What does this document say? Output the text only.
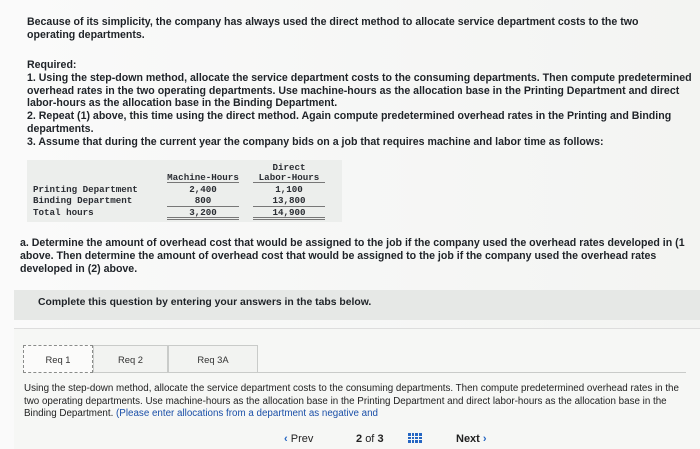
Because of its simplicity, the company has always used the direct method to allocate service department costs to the two operating departments.

Required:
1. Using the step-down method, allocate the service department costs to the consuming departments. Then compute predetermined overhead rates in the two operating departments. Use machine-hours as the allocation base in the Printing Department and direct labor-hours as the allocation base in the Binding Department.
2. Repeat (1) above, this time using the direct method. Again compute predetermined overhead rates in the Printing and Binding departments.
3. Assume that during the current year the company bids on a job that requires machine and labor time as follows:
Machine-Hours
Direct
Labor-Hours
Printing Department	2,400	1,100
Binding Department	800	13,800
Total hours	3,200	14,900
a. Determine the amount of overhead cost that would be assigned to the job if the company used the overhead rates developed in (1
above. Then determine the amount of overhead cost that would be assigned to the job if the company used the overhead rates
developed in (2) above.
Complete this question by entering your answers in the tabs below.
Req 1	Req 2	Req 3A
Using the step-down method, allocate the service department costs to the consuming departments. Then compute predetermined overhead rates in the two operating departments. Use machine-hours as the allocation base in the Printing Department and direct labor-hours as the allocation base in the Binding Department. (Please enter allocations from a department as negative and
‹ Prev	2 of 3	Next ›
